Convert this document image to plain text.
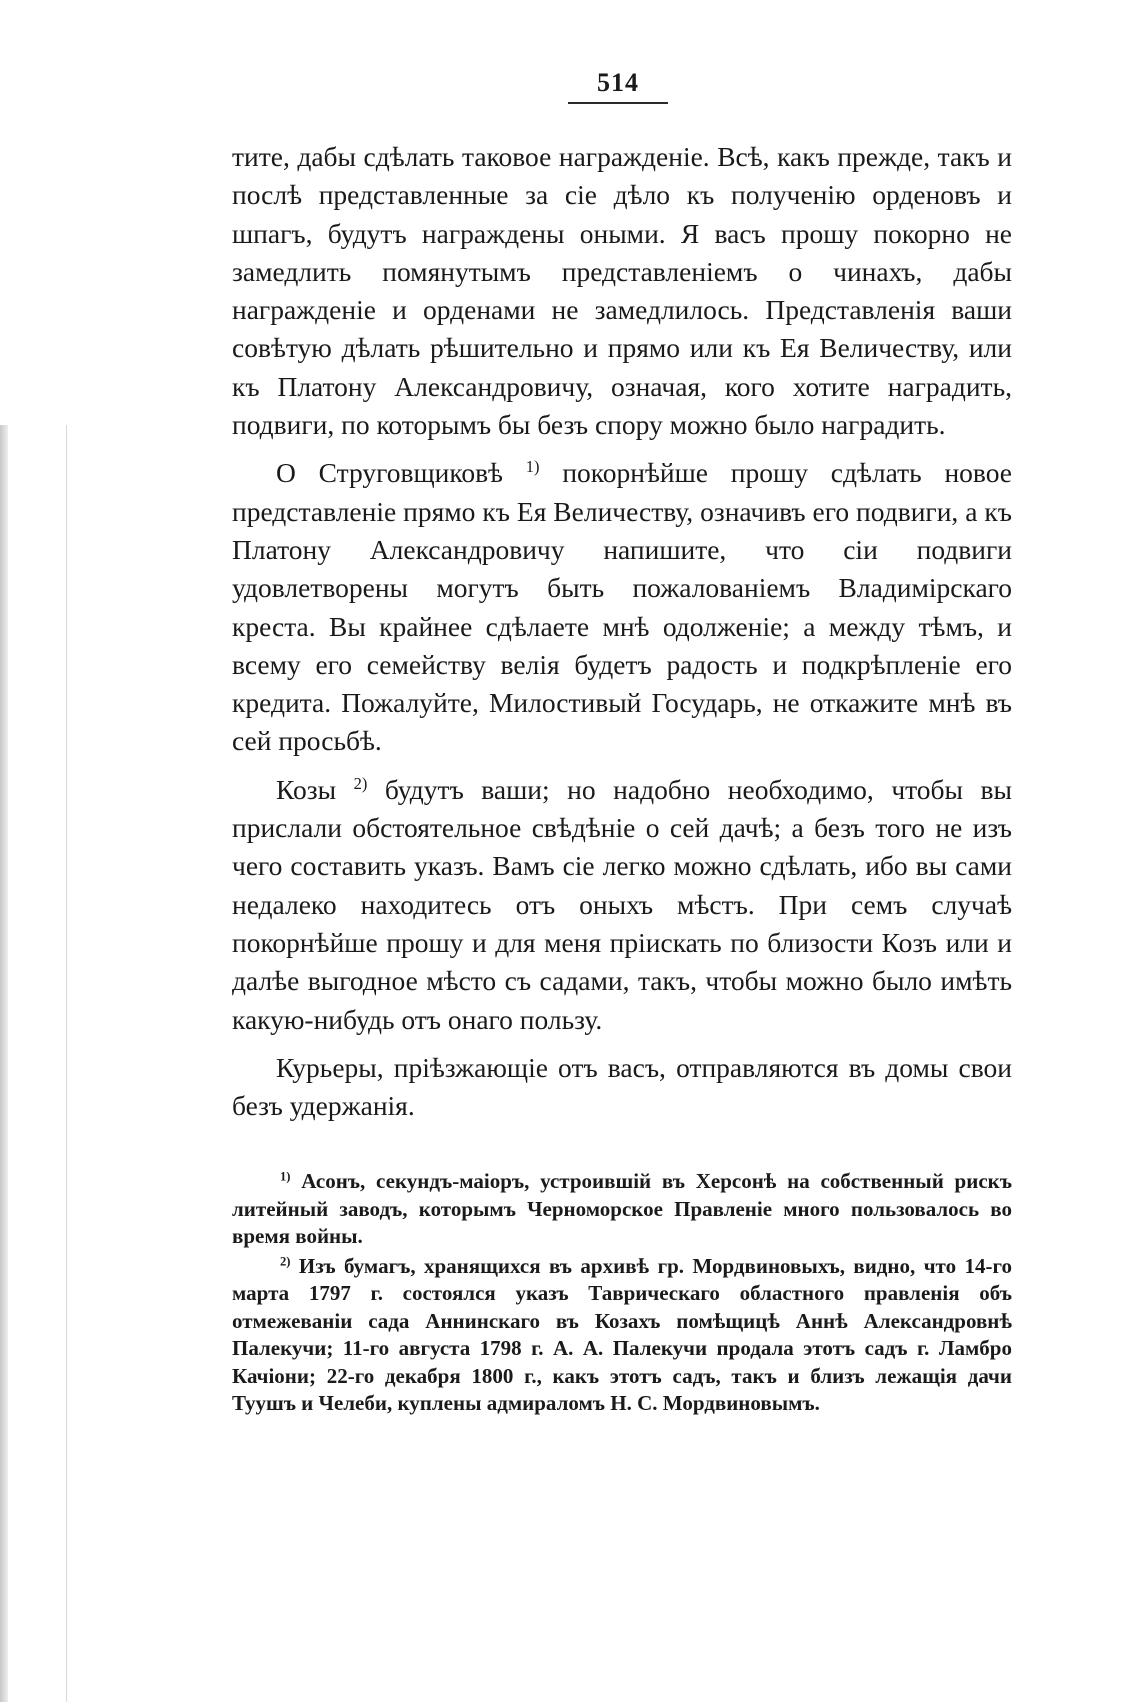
514

тите, дабы сдѣлать таковое награжденіе. Всѣ, какъ прежде, такъ и послѣ представленные за сіе дѣло къ полученію орденовъ и шпагъ, будутъ награждены оными. Я васъ прошу покорно не замедлить помянутымъ представленіемъ о чинахъ, дабы награжденіе и орденами не замедлилось. Представленія ваши совѣтую дѣлать рѣшительно и прямо или къ Ея Величеству, или къ Платону Александровичу, означая, кого хотите наградить, подвиги, по которымъ бы безъ спору можно было наградить.

О Струговщиковѣ $^{1)}$ покорнѣйше прошу сдѣлать новое представленіе прямо къ Ея Величеству, означивъ его подвиги, а къ Платону Александровичу напишите, что сіи подвиги удовлетворены могутъ быть пожалованіемъ Владимірскаго креста. Вы крайнее сдѣлаете мнѣ одолженіе; а между тѣмъ, и всему его семейству велія будетъ радость и подкрѣпленіе его кредита. Пожалуйте, Милостивый Государь, не откажите мнѣ въ сей просьбѣ.

Козы $^{2)}$ будутъ ваши; но надобно необходимо, чтобы вы прислали обстоятельное свѣдѣніе о сей дачѣ; а безъ того не изъ чего составить указъ. Вамъ сіе легко можно сдѣлать, ибо вы сами недалеко находитесь отъ оныхъ мѣстъ. При семъ случаѣ покорнѣйше прошу и для меня пріискать по близости Козъ или и далѣе выгодное мѣсто съ садами, такъ, чтобы можно было имѣть какую-нибудь отъ онаго пользу.

Курьеры, пріѣзжающіе отъ васъ, отправляются въ домы свои безъ удержанія.

$^{1)}$ Асонъ, секундъ-маіоръ, устроившій въ Херсонѣ на собственный рискъ литейный заводъ, которымъ Черноморское Правленіе много пользовалось во время войны.

$^{2)}$ Изъ бумагъ, хранящихся въ архивѣ гр. Мордвиновыхъ, видно, что 14-го марта 1797 г. состоялся указъ Таврическаго областного правленія объ отмежеваніи сада Аннинскаго въ Козахъ помѣщицѣ Аннѣ Александровнѣ Палекучи; 11-го августа 1798 г. А. А. Палекучи продала этотъ садъ г. Ламбро Качіони; 22-го декабря 1800 г., какъ этотъ садъ, такъ и близъ лежащія дачи Туушъ и Челеби, куплены адмираломъ Н. С. Мордвиновымъ.
